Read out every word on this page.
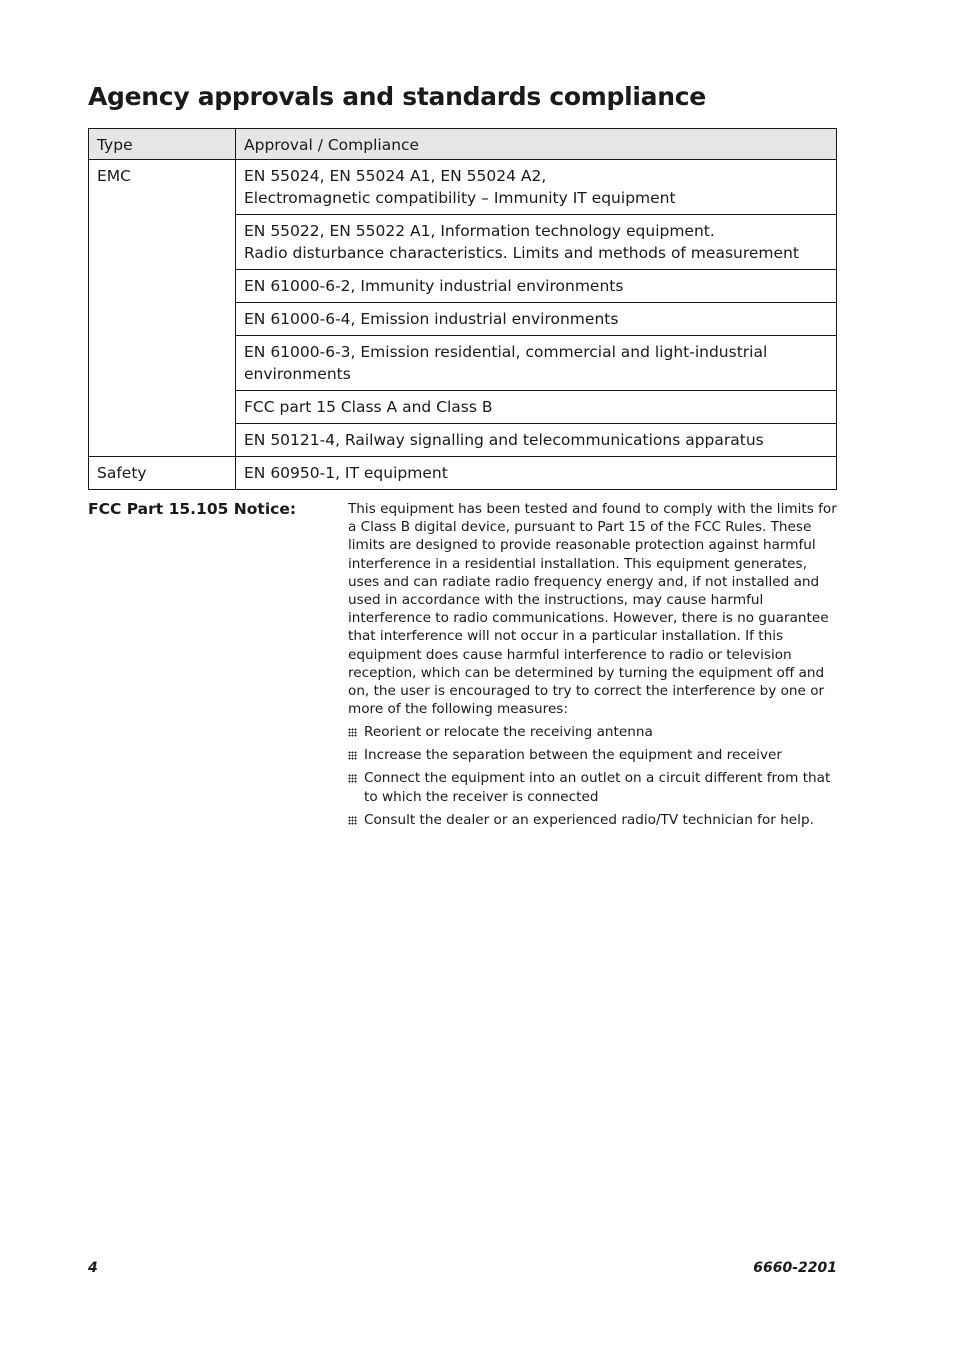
Agency approvals and standards compliance
Type	Approval / Compliance
EMC	EN 55024, EN 55024 A1, EN 55024 A2,
Electromagnetic compatibility – Immunity IT equipment
	EN 55022, EN 55022 A1, Information technology equipment.
Radio disturbance characteristics. Limits and methods of measurement
	EN 61000-6-2, Immunity industrial environments
	EN 61000-6-4, Emission industrial environments
	EN 61000-6-3, Emission residential, commercial and light-industrial environments
	FCC part 15 Class A and Class B
	EN 50121-4, Railway signalling and telecommunications apparatus
Safety	EN 60950-1, IT equipment
FCC Part 15.105 Notice:	This equipment has been tested and found to comply with the limits for a Class B digital device, pursuant to Part 15 of the FCC Rules. These limits are designed to provide reasonable protection against harmful interference in a residential installation. This equipment generates, uses and can radiate radio frequency energy and, if not installed and used in accordance with the instructions, may cause harmful interference to radio communications. However, there is no guarantee that interference will not occur in a particular installation. If this equipment does cause harmful interference to radio or television reception, which can be determined by turning the equipment off and on, the user is encouraged to try to correct the interference by one or more of the following measures:

Reorient or relocate the receiving antenna
Increase the separation between the equipment and receiver
Connect the equipment into an outlet on a circuit different from that to which the receiver is connected
Consult the dealer or an experienced radio/TV technician for help.
4	6660-2201
